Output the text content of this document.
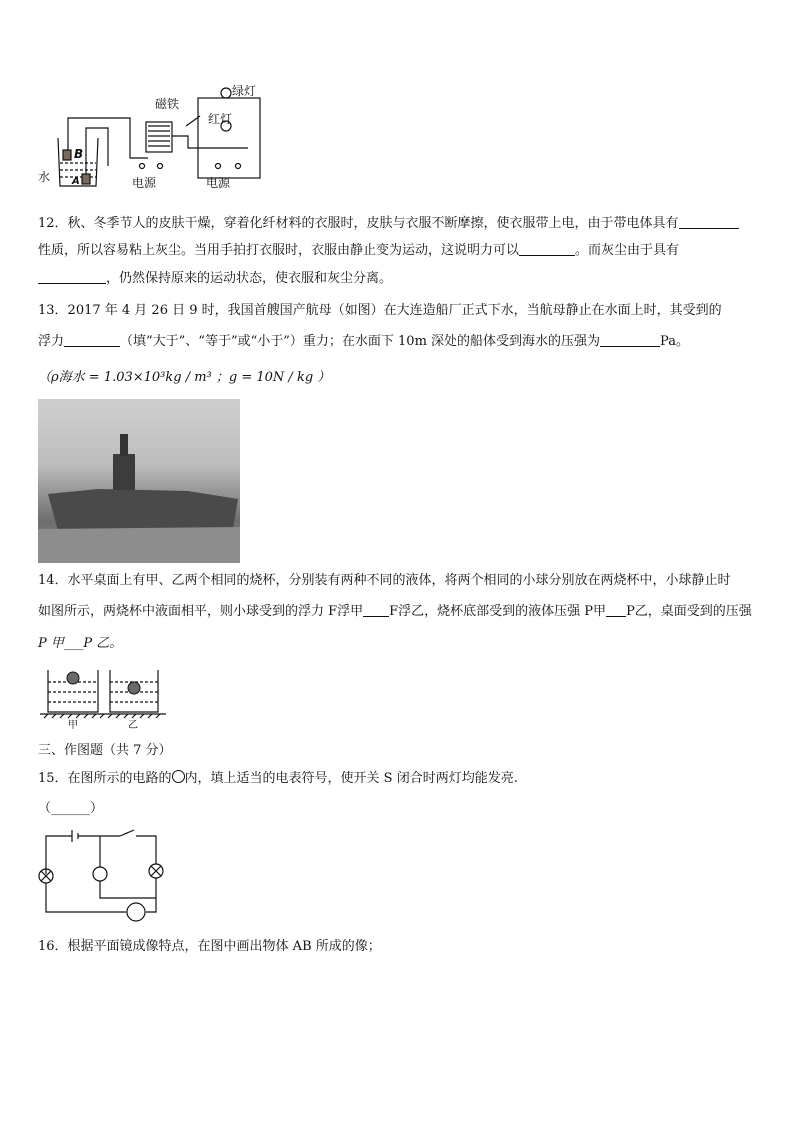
磁铁
绿灯
红灯
水
B
A	电源	电源
12．秋、冬季节人的皮肤干燥，穿着化纤材料的衣服时，皮肤与衣服不断摩擦，使衣服带上电，由于带电体具有
性质，所以容易粘上灰尘。当用手拍打衣服时，衣服由静止变为运动，这说明力可以	。而灰尘由于具有
，仍然保持原来的运动状态，使衣服和灰尘分离。
13．2017 年 4 月 26 日 9 时，我国首艘国产航母（如图）在大连造船厂正式下水，当航母静止在水面上时，其受到的
浮力	（填“大于”、“等于”或“小于”）重力；在水面下 10m 深处的船体受到海水的压强为	Pa。
（ρ海水 = 1.03×10³kg / m³ ；g = 10N / kg ）
14．水平桌面上有甲、乙两个相同的烧杯，分别装有两种不同的液体，将两个相同的小球分别放在两烧杯中，小球静止时
如图所示，两烧杯中液面相平，则小球受到的浮力 F浮甲 F浮乙，烧杯底部受到的液体压强 P甲 P乙，桌面受到的压强
P 甲___P 乙。
甲	乙
三、作图题（共 7 分）
15．在图所示的电路的 内，填上适当的电表符号，使开关 S 闭合时两灯均能发亮.
（______）
16．根据平面镜成像特点，在图中画出物体 AB 所成的像；
